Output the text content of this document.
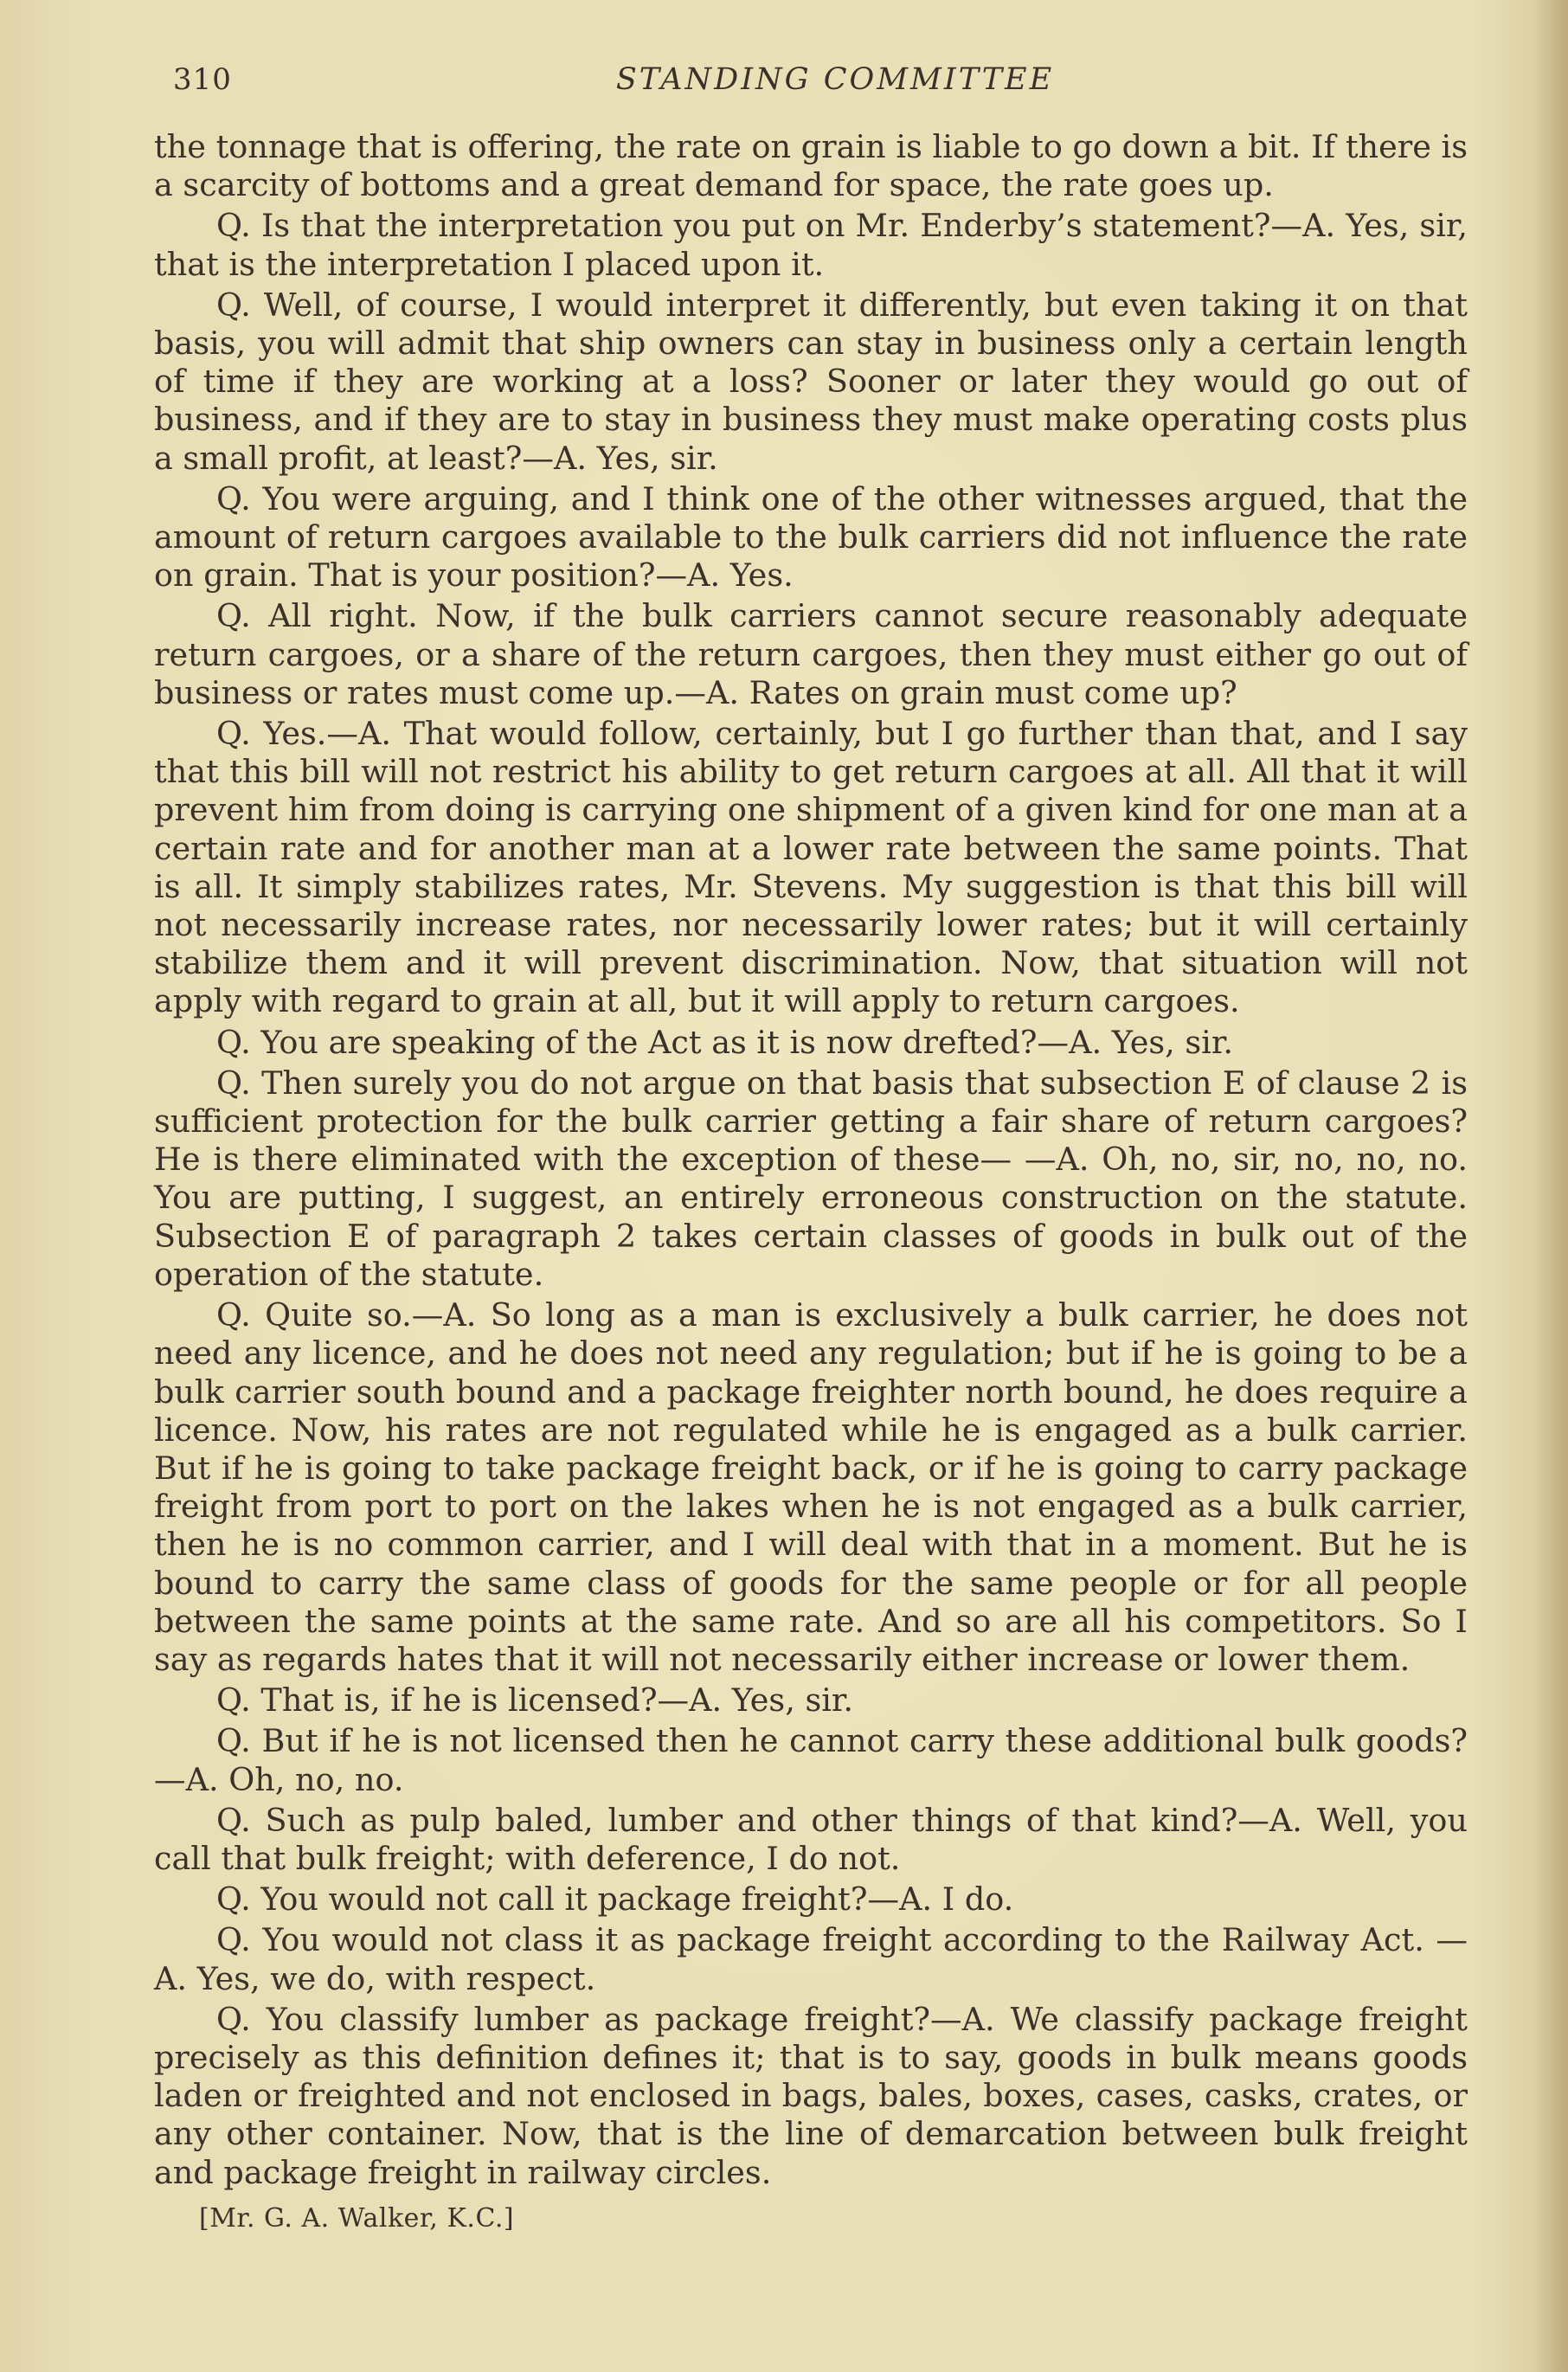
310	STANDING COMMITTEE

the tonnage that is offering, the rate on grain is liable to go down a bit. If there is a scarcity of bottoms and a great demand for space, the rate goes up.

Q. Is that the interpretation you put on Mr. Enderby’s statement?—A. Yes, sir, that is the interpretation I placed upon it.

Q. Well, of course, I would interpret it differently, but even taking it on that basis, you will admit that ship owners can stay in business only a certain length of time if they are working at a loss? Sooner or later they would go out of business, and if they are to stay in business they must make operating costs plus a small profit, at least?—A. Yes, sir.

Q. You were arguing, and I think one of the other witnesses argued, that the amount of return cargoes available to the bulk carriers did not influence the rate on grain. That is your position?—A. Yes.

Q. All right. Now, if the bulk carriers cannot secure reasonably adequate return cargoes, or a share of the return cargoes, then they must either go out of business or rates must come up.—A. Rates on grain must come up?

Q. Yes.—A. That would follow, certainly, but I go further than that, and I say that this bill will not restrict his ability to get return cargoes at all. All that it will prevent him from doing is carrying one shipment of a given kind for one man at a certain rate and for another man at a lower rate between the same points. That is all. It simply stabilizes rates, Mr. Stevens. My suggestion is that this bill will not necessarily increase rates, nor necessarily lower rates; but it will certainly stabilize them and it will prevent discrimination. Now, that situation will not apply with regard to grain at all, but it will apply to return cargoes.

Q. You are speaking of the Act as it is now drefted?—A. Yes, sir.

Q. Then surely you do not argue on that basis that subsection E of clause 2 is sufficient protection for the bulk carrier getting a fair share of return cargoes? He is there eliminated with the exception of these— —A. Oh, no, sir, no, no, no. You are putting, I suggest, an entirely erroneous construction on the statute. Subsection E of paragraph 2 takes certain classes of goods in bulk out of the operation of the statute.

Q. Quite so.—A. So long as a man is exclusively a bulk carrier, he does not need any licence, and he does not need any regulation; but if he is going to be a bulk carrier south bound and a package freighter north bound, he does require a licence. Now, his rates are not regulated while he is engaged as a bulk carrier. But if he is going to take package freight back, or if he is going to carry package freight from port to port on the lakes when he is not engaged as a bulk carrier, then he is no common carrier, and I will deal with that in a moment. But he is bound to carry the same class of goods for the same people or for all people between the same points at the same rate. And so are all his competitors. So I say as regards hates that it will not necessarily either increase or lower them.

Q. That is, if he is licensed?—A. Yes, sir.

Q. But if he is not licensed then he cannot carry these additional bulk goods? —A. Oh, no, no.

Q. Such as pulp baled, lumber and other things of that kind?—A. Well, you call that bulk freight; with deference, I do not.

Q. You would not call it package freight?—A. I do.

Q. You would not class it as package freight according to the Railway Act. —A. Yes, we do, with respect.

Q. You classify lumber as package freight?—A. We classify package freight precisely as this definition defines it; that is to say, goods in bulk means goods laden or freighted and not enclosed in bags, bales, boxes, cases, casks, crates, or any other container. Now, that is the line of demarcation between bulk freight and package freight in railway circles.

[Mr. G. A. Walker, K.C.]
